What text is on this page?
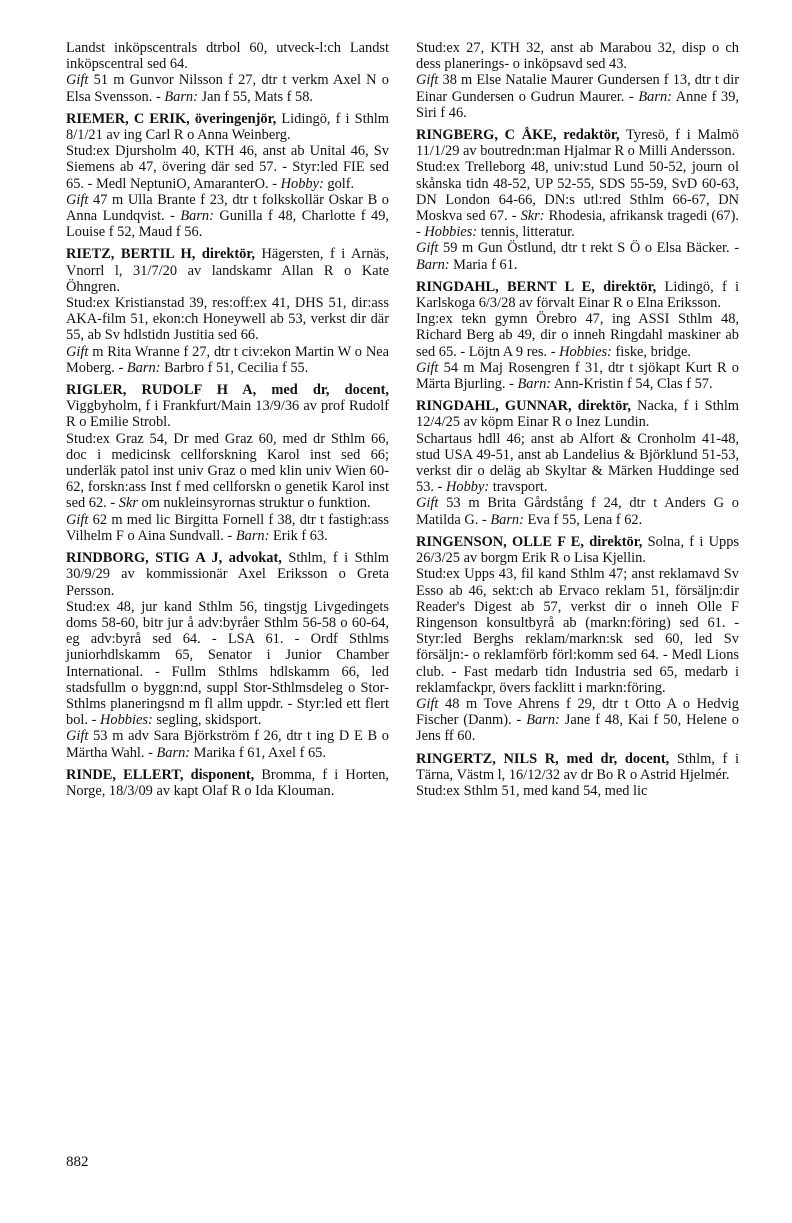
Landst inköpscentrals dtrbol 60, utveck-l:ch Landst inköpscentral sed 64.

Gift 51 m Gunvor Nilsson f 27, dtr t verkm Axel N o Elsa Svensson. - Barn: Jan f 55, Mats f 58.

RIEMER, C ERIK, överingenjör, Lidingö, f i Sthlm 8/1/21 av ing Carl R o Anna Weinberg.

Stud:ex Djursholm 40, KTH 46, anst ab Unital 46, Sv Siemens ab 47, övering där sed 57. - Styr:led FIE sed 65. - Medl NeptuniO, AmaranterO. - Hobby: golf.

Gift 47 m Ulla Brante f 23, dtr t folkskollär Oskar B o Anna Lundqvist. - Barn: Gunilla f 48, Charlotte f 49, Louise f 52, Maud f 56.

RIETZ, BERTIL H, direktör, Hägersten, f i Arnäs, Vnorrl l, 31/7/20 av landskamr Allan R o Kate Öhngren.

Stud:ex Kristianstad 39, res:off:ex 41, DHS 51, dir:ass AKA-film 51, ekon:ch Honeywell ab 53, verkst dir där 55, ab Sv hdlstidn Justitia sed 66.

Gift m Rita Wranne f 27, dtr t civ:ekon Martin W o Nea Moberg. - Barn: Barbro f 51, Cecilia f 55.

RIGLER, RUDOLF H A, med dr, docent, Viggbyholm, f i Frankfurt/Main 13/9/36 av prof Rudolf R o Emilie Strobl.

Stud:ex Graz 54, Dr med Graz 60, med dr Sthlm 66, doc i medicinsk cellforskning Karol inst sed 66; underläk patol inst univ Graz o med klin univ Wien 60-62, forskn:ass Inst f med cellforskn o genetik Karol inst sed 62. - Skr om nukleinsyrornas struktur o funktion.

Gift 62 m med lic Birgitta Fornell f 38, dtr t fastigh:ass Vilhelm F o Aina Sundvall. - Barn: Erik f 63.

RINDBORG, STIG A J, advokat, Sthlm, f i Sthlm 30/9/29 av kommissionär Axel Eriksson o Greta Persson.

Stud:ex 48, jur kand Sthlm 56, tingstjg Livgedingets doms 58-60, bitr jur å adv:byråer Sthlm 56-58 o 60-64, eg adv:byrå sed 64. - LSA 61. - Ordf Sthlms juniorhdlskamm 65, Senator i Junior Chamber International. - Fullm Sthlms hdlskamm 66, led stadsfullm o byggn:nd, suppl Stor-Sthlmsdeleg o Stor-Sthlms planeringsnd m fl allm uppdr. - Styr:led ett flert bol. - Hobbies: segling, skidsport.

Gift 53 m adv Sara Björkström f 26, dtr t ing D E B o Märtha Wahl. - Barn: Marika f 61, Axel f 65.

RINDE, ELLERT, disponent, Bromma, f i Horten, Norge, 18/3/09 av kapt Olaf R o Ida Klouman.

Stud:ex 27, KTH 32, anst ab Marabou 32, disp o ch dess planerings- o inköpsavd sed 43.

Gift 38 m Else Natalie Maurer Gundersen f 13, dtr t dir Einar Gundersen o Gudrun Maurer. - Barn: Anne f 39, Siri f 46.

RINGBERG, C ÅKE, redaktör, Tyresö, f i Malmö 11/1/29 av boutredn:man Hjalmar R o Milli Andersson.

Stud:ex Trelleborg 48, univ:stud Lund 50-52, journ ol skånska tidn 48-52, UP 52-55, SDS 55-59, SvD 60-63, DN London 64-66, DN:s utl:red Sthlm 66-67, DN Moskva sed 67. - Skr: Rhodesia, afrikansk tragedi (67). - Hobbies: tennis, litteratur.

Gift 59 m Gun Östlund, dtr t rekt S Ö o Elsa Bäcker. - Barn: Maria f 61.

RINGDAHL, BERNT L E, direktör, Lidingö, f i Karlskoga 6/3/28 av förvalt Einar R o Elna Eriksson.

Ing:ex tekn gymn Örebro 47, ing ASSI Sthlm 48, Richard Berg ab 49, dir o inneh Ringdahl maskiner ab sed 65. - Löjtn A 9 res. - Hobbies: fiske, bridge.

Gift 54 m Maj Rosengren f 31, dtr t sjökapt Kurt R o Märta Bjurling. - Barn: Ann-Kristin f 54, Clas f 57.

RINGDAHL, GUNNAR, direktör, Nacka, f i Sthlm 12/4/25 av köpm Einar R o Inez Lundin.

Schartaus hdll 46; anst ab Alfort & Cronholm 41-48, stud USA 49-51, anst ab Landelius & Björklund 51-53, verkst dir o deläg ab Skyltar & Märken Huddinge sed 53. - Hobby: travsport.

Gift 53 m Brita Gårdstång f 24, dtr t Anders G o Matilda G. - Barn: Eva f 55, Lena f 62.

RINGENSON, OLLE F E, direktör, Solna, f i Upps 26/3/25 av borgm Erik R o Lisa Kjellin.

Stud:ex Upps 43, fil kand Sthlm 47; anst reklamavd Sv Esso ab 46, sekt:ch ab Ervaco reklam 51, försäljn:dir Reader's Digest ab 57, verkst dir o inneh Olle F Ringenson konsultbyrå ab (markn:föring) sed 61. - Styr:led Berghs reklam/markn:sk sed 60, led Sv försäljn:- o reklamförb förl:komm sed 64. - Medl Lions club. - Fast medarb tidn Industria sed 65, medarb i reklamfackpr, övers facklitt i markn:föring.

Gift 48 m Tove Ahrens f 29, dtr t Otto A o Hedvig Fischer (Danm). - Barn: Jane f 48, Kai f 50, Helene o Jens ff 60.

RINGERTZ, NILS R, med dr, docent, Sthlm, f i Tärna, Västm l, 16/12/32 av dr Bo R o Astrid Hjelmér.

Stud:ex Sthlm 51, med kand 54, med lic

882
